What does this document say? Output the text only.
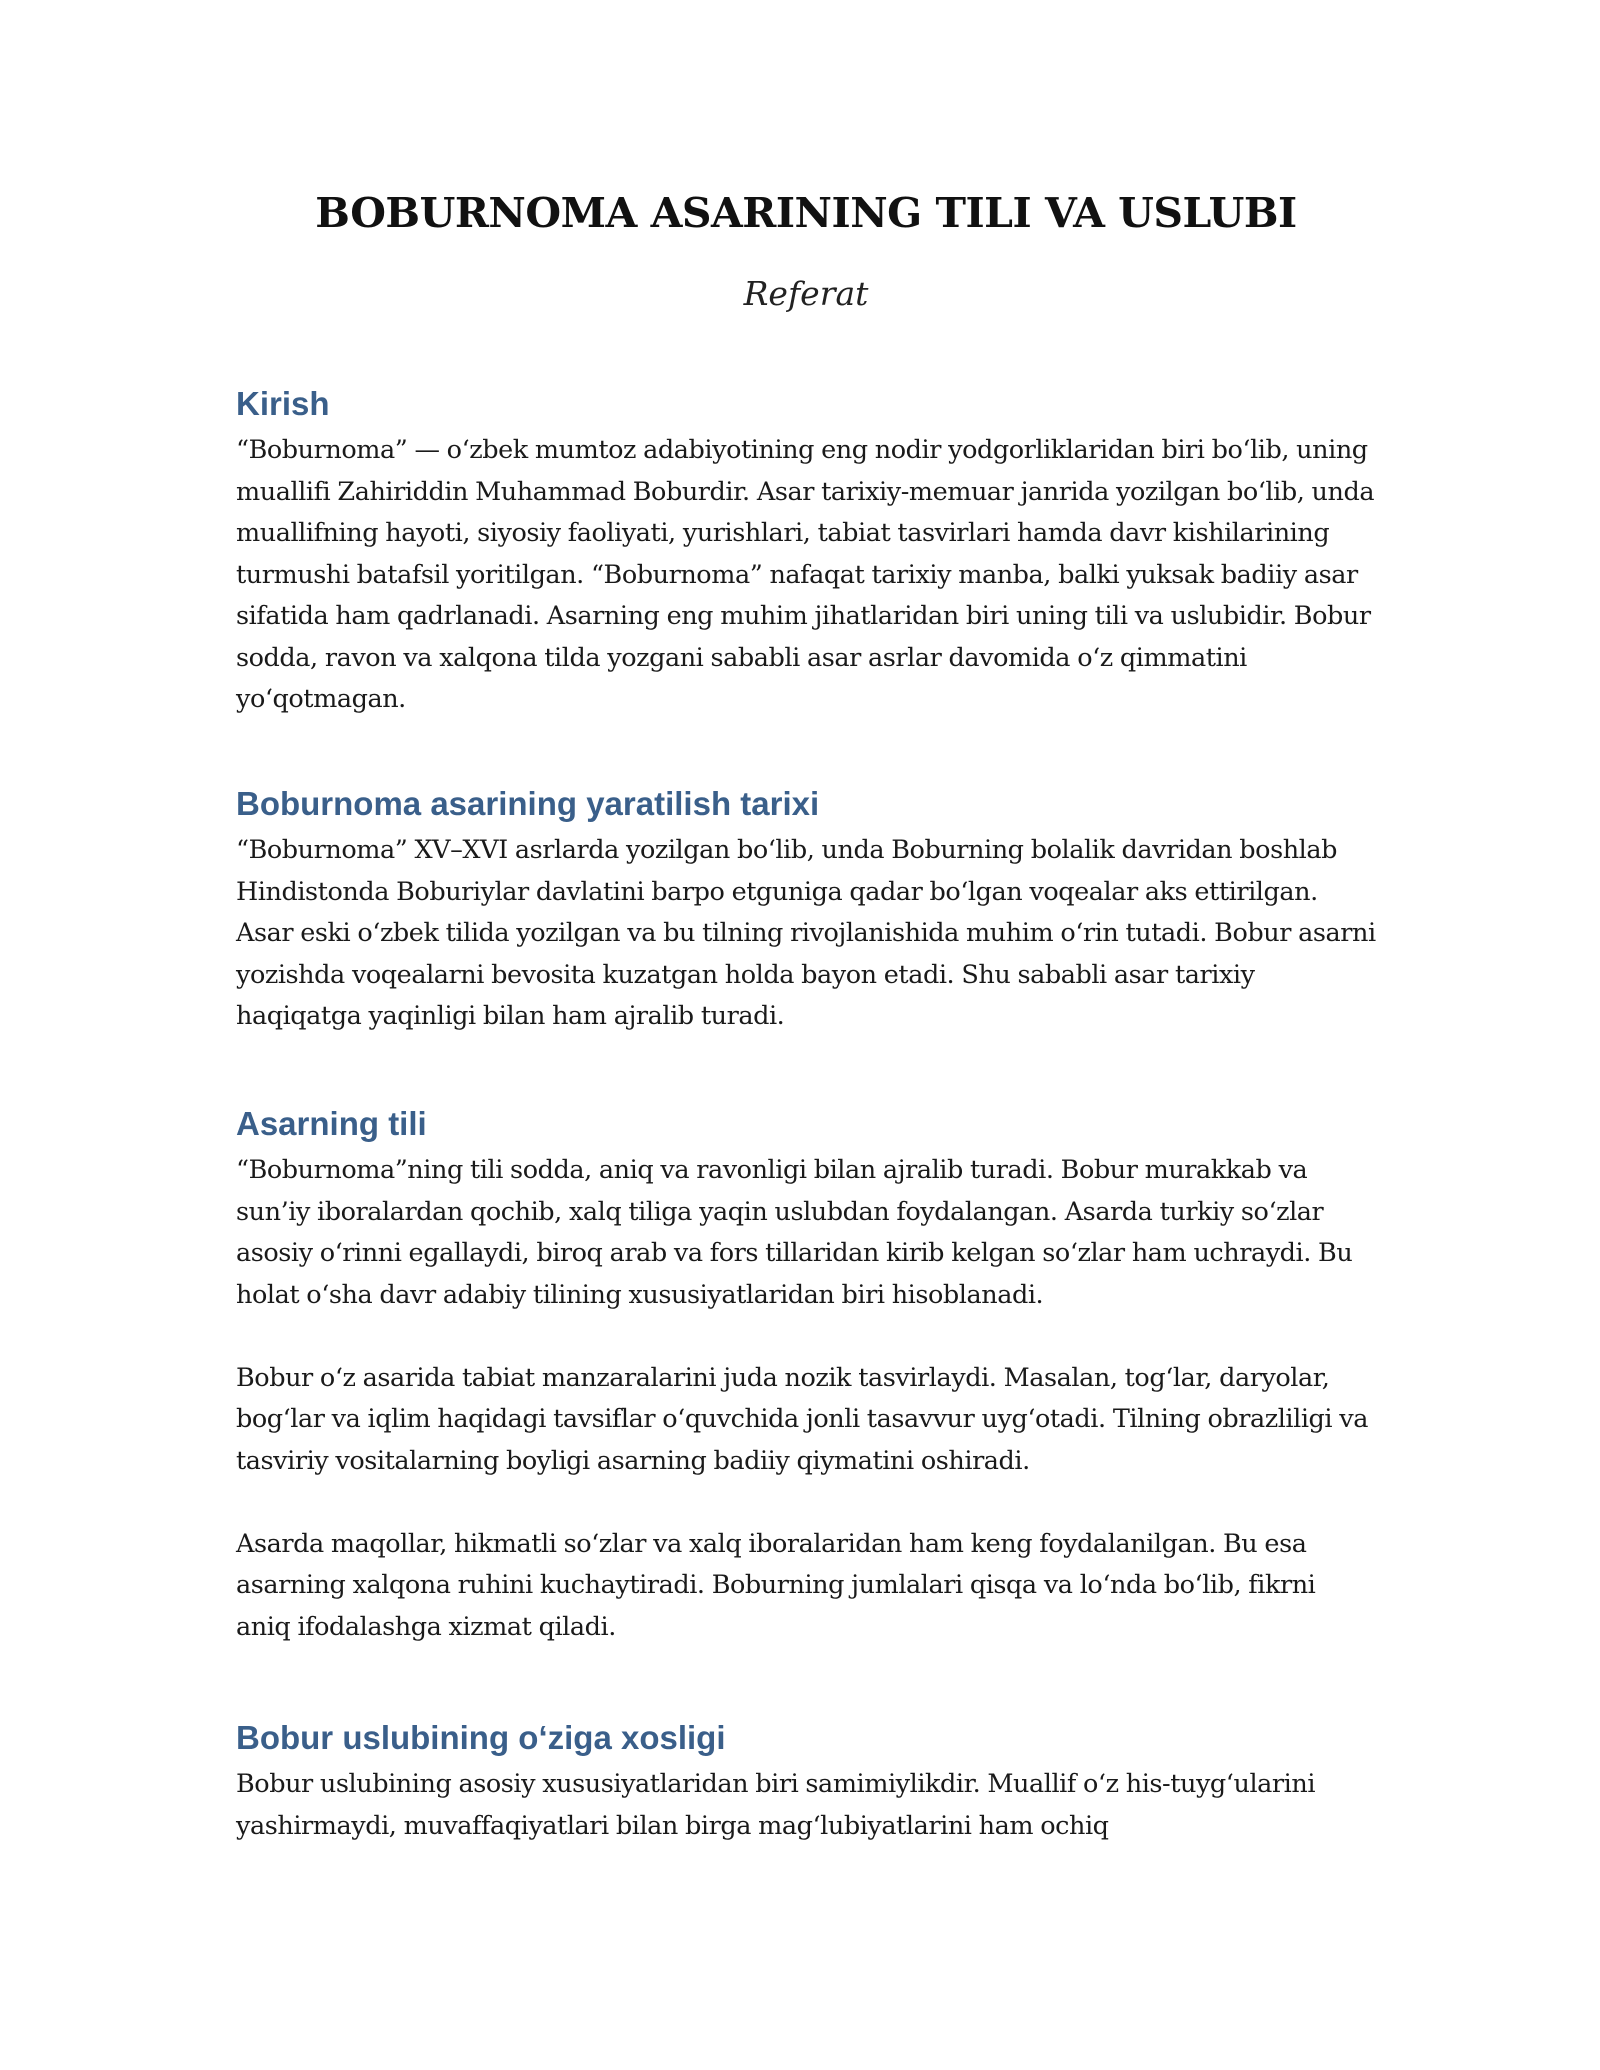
BOBURNOMA ASARINING TILI VA USLUBI
Referat
Kirish

“Boburnoma” — oʻzbek mumtoz adabiyotining eng nodir yodgorliklaridan biri boʻlib, uning muallifi Zahiriddin Muhammad Boburdir. Asar tarixiy-memuar janrida yozilgan boʻlib, unda muallifning hayoti, siyosiy faoliyati, yurishlari, tabiat tasvirlari hamda davr kishilarining turmushi batafsil yoritilgan. “Boburnoma” nafaqat tarixiy manba, balki yuksak badiiy asar sifatida ham qadrlanadi. Asarning eng muhim jihatlaridan biri uning tili va uslubidir. Bobur sodda, ravon va xalqona tilda yozgani sababli asar asrlar davomida oʻz qimmatini yoʻqotmagan.

Boburnoma asarining yaratilish tarixi

“Boburnoma” XV–XVI asrlarda yozilgan boʻlib, unda Boburning bolalik davridan boshlab Hindistonda Boburiylar davlatini barpo etguniga qadar boʻlgan voqealar aks ettirilgan. Asar eski oʻzbek tilida yozilgan va bu tilning rivojlanishida muhim oʻrin tutadi. Bobur asarni yozishda voqealarni bevosita kuzatgan holda bayon etadi. Shu sababli asar tarixiy haqiqatga yaqinligi bilan ham ajralib turadi.

Asarning tili

“Boburnoma”ning tili sodda, aniq va ravonligi bilan ajralib turadi. Bobur murakkab va sun’iy iboralardan qochib, xalq tiliga yaqin uslubdan foydalangan. Asarda turkiy soʻzlar asosiy oʻrinni egallaydi, biroq arab va fors tillaridan kirib kelgan soʻzlar ham uchraydi. Bu holat oʻsha davr adabiy tilining xususiyatlaridan biri hisoblanadi.

Bobur oʻz asarida tabiat manzaralarini juda nozik tasvirlaydi. Masalan, togʻlar, daryolar, bogʻlar va iqlim haqidagi tavsiflar oʻquvchida jonli tasavvur uygʻotadi. Tilning obrazliligi va tasviriy vositalarning boyligi asarning badiiy qiymatini oshiradi.

Asarda maqollar, hikmatli soʻzlar va xalq iboralaridan ham keng foydalanilgan. Bu esa asarning xalqona ruhini kuchaytiradi. Boburning jumlalari qisqa va loʻnda boʻlib, fikrni aniq ifodalashga xizmat qiladi.

Bobur uslubining oʻziga xosligi

Bobur uslubining asosiy xususiyatlaridan biri samimiylikdir. Muallif oʻz his-tuygʻularini yashirmaydi, muvaffaqiyatlari bilan birga magʻlubiyatlarini ham ochiq
